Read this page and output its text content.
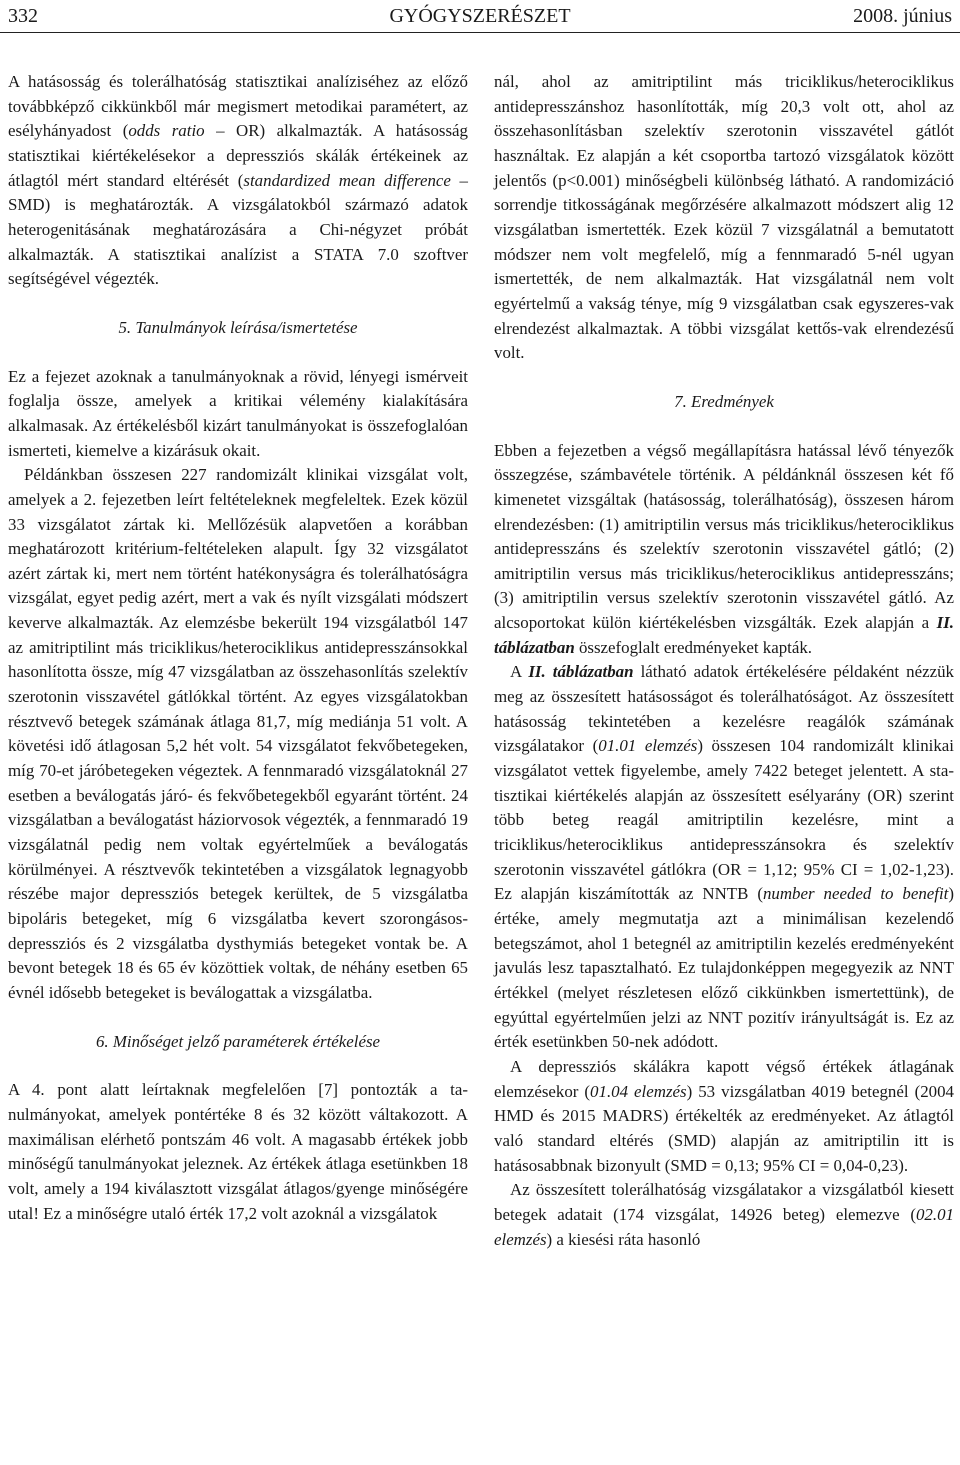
332	GYÓGYSZERÉSZET	2008. június

A hatásosság és tolerálhatóság statisztikai analíziséhez az előző továbbképző cikkünkből már megismert metodikai paramétert, az esélyhányadost (odds ratio – OR) alkalmazták. A hatásosság statisztikai kiértékelésekor a depressziós skálák értékeinek az átlagtól mért standard eltérését (standardized mean difference – SMD) is meghatározták. A vizsgálatokból származó adatok heterogenitásának meghatározására a Chi-négyzet próbát alkalmazták. A statisztikai analízist a STATA 7.0 szoftver segítségével végezték.

5. Tanulmányok leírása/ismertetése

Ez a fejezet azoknak a tanulmányoknak a rövid, lényegi ismérveit foglalja össze, amelyek a kritikai vélemény kialakítására alkalmasak. Az értékelésből kizárt tanulmányokat is összefoglalóan ismerteti, kiemelve a kizárásuk okait.

Példánkban összesen 227 randomizált klinikai vizsgálat volt, amelyek a 2. fejezetben leírt feltételeknek megfeleltek. Ezek közül 33 vizsgálatot zártak ki. Mellőzésük alapvetően a korábban meghatározott kritérium-feltételeken alapult. Így 32 vizsgálatot azért zártak ki, mert nem történt hatékonyságra és tolerálhatóságra vizsgálat, egyet pedig azért, mert a vak és nyílt vizsgálati módszert keverve alkalmazták. Az elemzésbe bekerült 194 vizsgálatból 147 az amitriptilint más triciklikus/heterociklikus antidepresszánsokkal hasonlította össze, míg 47 vizsgálatban az összehasonlítás szelektív szerotonin visszavétel gátlókkal történt. Az egyes vizsgálatokban résztvevő betegek számának átlaga 81,7, míg mediánja 51 volt. A követési idő átlagosan 5,2 hét volt. 54 vizsgálatot fekvőbetegeken, míg 70-et járóbetegeken végeztek. A fennmaradó vizsgálatoknál 27 esetben a beválogatás járó- és fekvőbetegekből egyaránt történt. 24 vizsgálatban a beválogatást háziorvosok végezték, a fennmaradó 19 vizsgálatnál pedig nem voltak egyértelműek a beválogatás körülményei. A résztvevők tekintetében a vizsgálatok legnagyobb részébe major depressziós betegek kerültek, de 5 vizsgálatba bipoláris betegeket, míg 6 vizsgálatba kevert szorongásos-depressziós és 2 vizsgálatba dysthymiás betegeket vontak be. A bevont betegek 18 és 65 év közöttiek voltak, de néhány esetben 65 évnél idősebb betegeket is beválogattak a vizsgálatba.

6. Minőséget jelző paraméterek értékelése

A 4. pont alatt leírtaknak megfelelően [7] pontozták a tanulmányokat, amelyek pontértéke 8 és 32 között váltakozott. A maximálisan elérhető pontszám 46 volt. A magasabb értékek jobb minőségű tanulmányokat jeleznek. Az értékek átlaga esetünkben 18 volt, amely a 194 kiválasztott vizsgálat átlagos/gyenge minőségére utal! Ez a minőségre utaló érték 17,2 volt azoknál a vizsgálatok

nál, ahol az amitriptilint más triciklikus/heterociklikus antidepresszánshoz hasonlították, míg 20,3 volt ott, ahol az összehasonlításban szelektív szerotonin visszavétel gátlót használtak. Ez alapján a két csoportba tartozó vizsgálatok között jelentős (p<0.001) minőségbeli különbség látható. A randomizáció sorrendje titkosságának megőrzésére alkalmazott módszert alig 12 vizsgálatban ismertették. Ezek közül 7 vizsgálatnál a bemutatott módszer nem volt megfelelő, míg a fennmaradó 5-nél ugyan ismertették, de nem alkalmazták. Hat vizsgálatnál nem volt egyértelmű a vakság ténye, míg 9 vizsgálatban csak egyszeres-vak elrendezést alkalmaztak. A többi vizsgálat kettős-vak elrendezésű volt.

7. Eredmények

Ebben a fejezetben a végső megállapításra hatással lévő tényezők összegzése, számbavétele történik. A példánknál összesen két fő kimenetet vizsgáltak (hatásosság, tolerálhatóság), összesen három elrendezésben: (1) amitriptilin versus más triciklikus/heterociklikus antidepresszáns és szelektív szerotonin visszavétel gátló; (2) amitriptilin versus más triciklikus/heterociklikus antidepresszáns; (3) amitriptilin versus szelektív szerotonin visszavétel gátló. Az alcsoportokat külön kiértékelésben vizsgálták. Ezek alapján a II. táblázatban összefoglalt eredményeket kapták.

A II. táblázatban látható adatok értékelésére példaként nézzük meg az összesített hatásosságot és tolerálhatóságot. Az összesített hatásosság tekintetében a kezelésre reagálók számának vizsgálatakor (01.01 elemzés) összesen 104 randomizált klinikai vizsgálatot vettek figyelembe, amely 7422 beteget jelentett. A statisztikai kiértékelés alapján az összesített esélyarány (OR) szerint több beteg reagál amitriptilin kezelésre, mint a triciklikus/heterociklikus antidepresszánsokra és szelektív szerotonin visszavétel gátlókra (OR = 1,12; 95% CI = 1,02-1,23). Ez alapján kiszámították az NNTB (number needed to benefit) értéke, amely megmutatja azt a minimálisan kezelendő betegszámot, ahol 1 betegnél az amitriptilin kezelés eredményeként javulás lesz tapasztalható. Ez tulajdonképpen megegyezik az NNT értékkel (melyet részletesen előző cikkünkben ismertettünk), de egyúttal egyértelműen jelzi az NNT pozitív irányultságát is. Ez az érték esetünkben 50-nek adódott.

A depressziós skálákra kapott végső értékek átlagának elemzésekor (01.04 elemzés) 53 vizsgálatban 4019 betegnél (2004 HMD és 2015 MADRS) értékelték az eredményeket. Az átlagtól való standard eltérés (SMD) alapján az amitriptilin itt is hatásosabbnak bizonyult (SMD = 0,13; 95% CI = 0,04-0,23).

Az összesített tolerálhatóság vizsgálatakor a vizsgálatból kiesett betegek adatait (174 vizsgálat, 14926 beteg) elemezve (02.01 elemzés) a kiesési ráta hasonló
